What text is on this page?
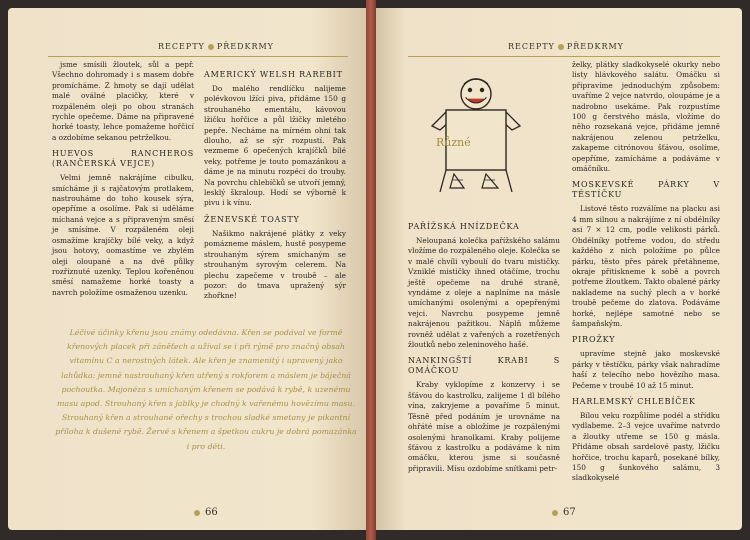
RECEPTY PŘEDKRMY

jsme smísili žloutek, sůl a pepř. Všechno dohromady i s masem dobře promícháme. Z hmoty se dají udělat malé oválné placičky, které v rozpáleném oleji po obou stranách rychle opečeme. Dáme na připravené horké toasty, lehce pomažeme hořčicí a ozdobíme sekanou petrželkou.

HUEVOS RANCHEROS (RANČERSKÁ VEJCE)

Velmi jemně nakrájíme cibulku, smícháme ji s rajčatovým protlakem, nastrouháme do toho kousek sýra, opepříme a osolíme. Pak si uděláme míchaná vejce a s připraveným směsí je smísíme. V rozpáleném oleji osmažíme krajíčky bílé veky, a když jsou hotovy, oomastíme ve zbylém oleji oloupané a na dvě půlky rozříznuté uzenky. Teplou kořeněnou směsí namažeme horké toasty a navrch položíme osmaženou uzenku.

AMERICKÝ WELSH RAREBIT

Do malého rendlíčku nalijeme polévkovou lžíci piva, přidáme 150 g strouhaného ementálu, kávovou lžičku hořčice a půl lžičky mletého pepře. Necháme na mírném ohni tak dlouho, až se sýr rozpustí. Pak vezmeme 6 opečených krajíčků bílé veky, potřeme je touto pomazánkou a dáme je na minutu rozpéci do trouby. Na povrchu chlebíčků se utvoří jemný, lesklý škraloup. Hodí se výborně k pivu i k vínu.

ŽENEVSKÉ TOASTY

Našikmo nakrájené plátky z veky pomázneme máslem, hustě posypeme strouhaným sýrem smíchaným se strouhaným syrovým celerem. Na plechu zapečeme v troubě – ale pozor: do tmava upražený sýr zhořkne!

Léčivé účinky křenu jsou známy odedávna. Křen se podával ve formě křenových placek při záněťech a užíval se i při rýmě pro značný obsah vitamínu C a nerostných látek. Ale křen je znamenitý i upravený jako lahůdka: jemně nastrouhaný křen utřený s rokforem a máslem je báječná pochoutka. Majonéza s umíchaným křenem se podává k rybě, k uzenému masu apod. Strouhaný křen s jablky je chodný k vařenému hovězímu masu. Strouhaný křen a strouhané ořechy s trochou sladké smetany je pikantní příloha k dušené rybě. Žervé s křenem a špetkou cukru je dobrá pomazánka i pro děti.
66
RECEPTY PŘEDKRMY
Různé
PAŘÍŽSKÁ HNÍZDEČKA

Neloupaná kolečka pařížského salámu vložíme do rozpáleného oleje. Kolečka se v malé chvíli vyboulí do tvaru mističky. Vzniklé mističky ihned otáčíme, trochu ještě opečeme na druhé straně, vyndáme z oleje a naplníme na másle umíchanými osolenými a opepřenými vejci. Navrchu posypeme jemně nakrájenou pažitkou. Náplň můžeme rovněž udělat z vařených a rozetřených žloutků nebo zeleninového hašé.

NANKINGŠTÍ KRABI S OMÁČKOU

Kraby vyklopíme z konzervy i se šťávou do kastrolku, zalijeme 1 dl bílého vína, zakryjeme a povaříme 5 minut. Těsně před podáním je urovnáme na ohřáté míse a obložíme je rozpálenými osolenými hranolkami. Kraby polijeme šťávou z kastrolku a podáváme k nim omáčku, kterou jsme si současně připravili. Mísu ozdobíme snítkami petr-

želky, plátky sladkokyselé okurky nebo listy hlávkového salátu. Omáčku si připravíme jednoduchým způsobem: uvaříme 2 vejce natvrdo, oloupáme je a nadrobno usekáme. Pak rozpustíme 100 g čerstvého másla, vložíme do něho rozsekaná vejce, přidáme jemně nakrájenou zelenou petrželku, zakapeme citrónovou šťávou, osolíme, opepříme, zamícháme a podáváme v omáčníku.

MOSKEVSKÉ PÁRKY V TĚSTÍČKU

Listové těsto rozválíme na placku asi 4 mm silnou a nakrájíme z ní obdélníky asi 7 × 12 cm, podle velikosti párků. Obdélníky potřeme vodou, do středu každého z nich položíme po půlce párku, těsto přes párek přetáhneme, okraje přitiskneme k sobě a povrch potřeme žloutkem. Takto obalené párky naklademe na suchý plech a v horké troubě pečeme do zlatova. Podáváme horké, nejlépe samotné nebo se šampaňským.

PIROŽKY

upravíme stejně jako moskevské párky v těstíčku, párky však nahradíme haší z telecího nebo hovězího masa. Pečeme v troubě 10 až 15 minut.

HARLEMSKÝ CHLEBÍČEK

Bílou veku rozpůlíme podél a střídku vydlabeme. 2–3 vejce uvaříme natvrdo a žloutky utřeme se 150 g másla. Přidáme obsah sardelové pasty, lžičku hořčice, trochu kaparů, posekané bílky, 150 g šunkového salámu, 3 sladkokyselé

67
